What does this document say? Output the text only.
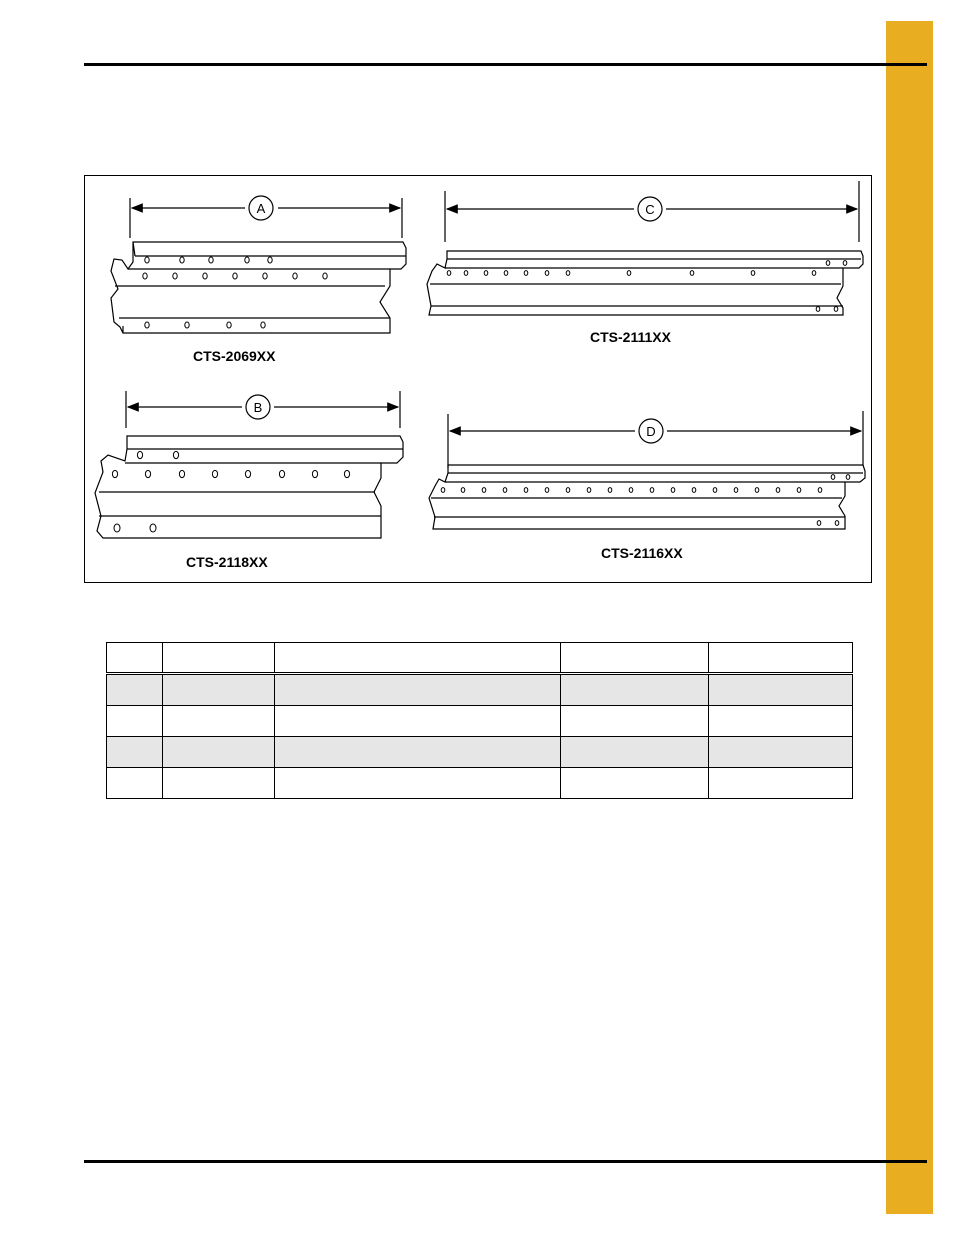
A	C
B
D
CTS-2069XX
CTS-2111XX
CTS-2118XX
CTS-2116XX
